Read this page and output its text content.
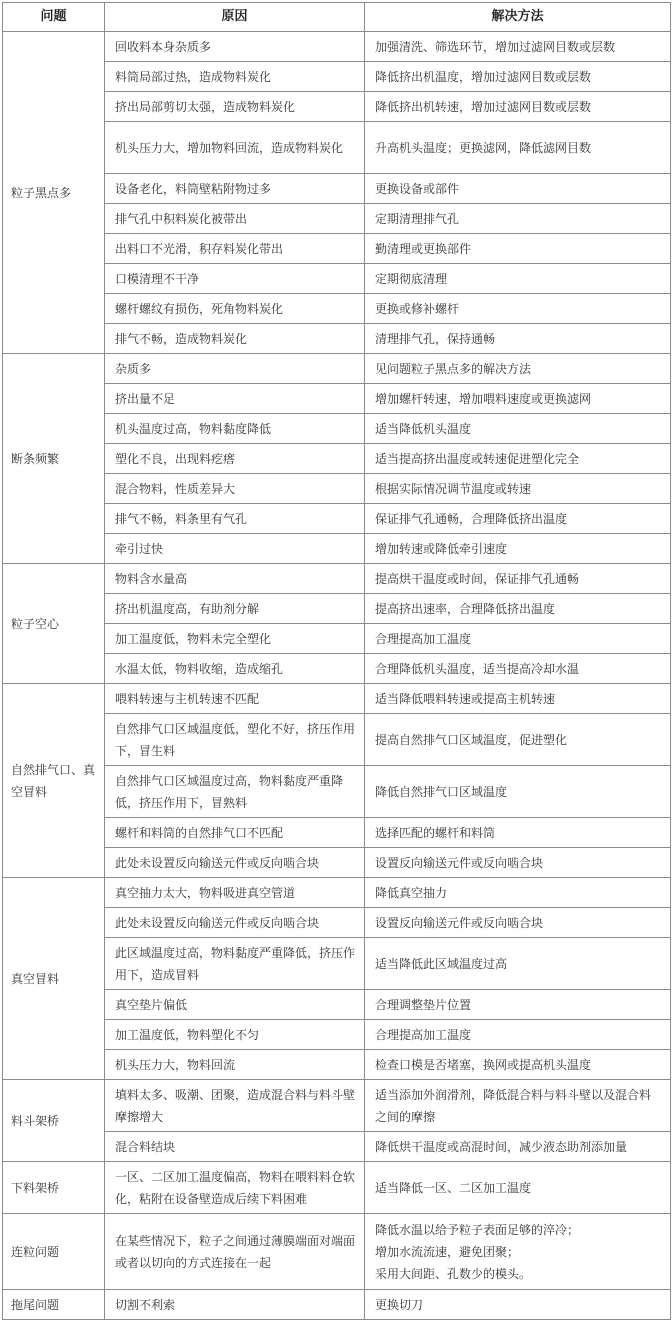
问题	原因	解决方法
粒子黑点多	回收料本身杂质多	加强清洗、筛选环节，增加过滤网目数或层数
	料筒局部过热，造成物料炭化	降低挤出机温度，增加过滤网目数或层数
	挤出局部剪切太强，造成物料炭化	降低挤出机转速，增加过滤网目数或层数
	机头压力大，增加物料回流，造成物料炭化	升高机头温度；更换滤网，降低滤网目数
	设备老化，料筒壁粘附物过多	更换设备或部件
	排气孔中积料炭化被带出	定期清理排气孔
	出料口不光滑，积存料炭化带出	勤清理或更换部件
	口模清理不干净	定期彻底清理
	螺杆螺纹有损伤，死角物料炭化	更换或修补螺杆
	排气不畅，造成物料炭化	清理排气孔，保持通畅
断条频繁	杂质多	见问题粒子黑点多的解决方法
	挤出量不足	增加螺杆转速，增加喂料速度或更换滤网
	机头温度过高，物料黏度降低	适当降低机头温度
	塑化不良，出现料疙瘩	适当提高挤出温度或转速促进塑化完全
	混合物料，性质差异大	根据实际情况调节温度或转速
	排气不畅，料条里有气孔	保证排气孔通畅，合理降低挤出温度
	牵引过快	增加转速或降低牵引速度
粒子空心	物料含水量高	提高烘干温度或时间，保证排气孔通畅
	挤出机温度高，有助剂分解	提高挤出速率，合理降低挤出温度
	加工温度低，物料未完全塑化	合理提高加工温度
	水温太低，物料收缩，造成缩孔	合理降低机头温度，适当提高冷却水温
自然排气口、真空冒料	喂料转速与主机转速不匹配	适当降低喂料转速或提高主机转速
	自然排气口区域温度低，塑化不好，挤压作用下，冒生料	提高自然排气口区域温度，促进塑化
	自然排气口区域温度过高，物料黏度严重降低，挤压作用下，冒熟料	降低自然排气口区域温度
	螺杆和料筒的自然排气口不匹配	选择匹配的螺杆和料筒
	此处未设置反向输送元件或反向啮合块	设置反向输送元件或反向啮合块
真空冒料	真空抽力太大，物料吸进真空管道	降低真空抽力
	此处未设置反向输送元件或反向啮合块	设置反向输送元件或反向啮合块
	此区域温度过高，物料黏度严重降低，挤压作用下，造成冒料	适当降低此区域温度过高
	真空垫片偏低	合理调整垫片位置
	加工温度低，物料塑化不匀	合理提高加工温度
	机头压力大，物料回流	检查口模是否堵塞，换网或提高机头温度
料斗架桥	填料太多、吸潮、团聚，造成混合料与料斗壁摩擦增大	适当添加外润滑剂，降低混合料与料斗壁以及混合料之间的摩擦
	混合料结块	降低烘干温度或高混时间，减少液态助剂添加量
下料架桥	一区、二区加工温度偏高，物料在喂料料仓软化，粘附在设备壁造成后续下料困难	适当降低一区、二区加工温度
连粒问题	在某些情况下，粒子之间通过薄膜端面对端面或者以切向的方式连接在一起	降低水温以给予粒子表面足够的淬冷；
增加水流流速，避免团聚；
采用大间距、孔数少的模头。

拖尾问题	切割不利索	更换切刀
